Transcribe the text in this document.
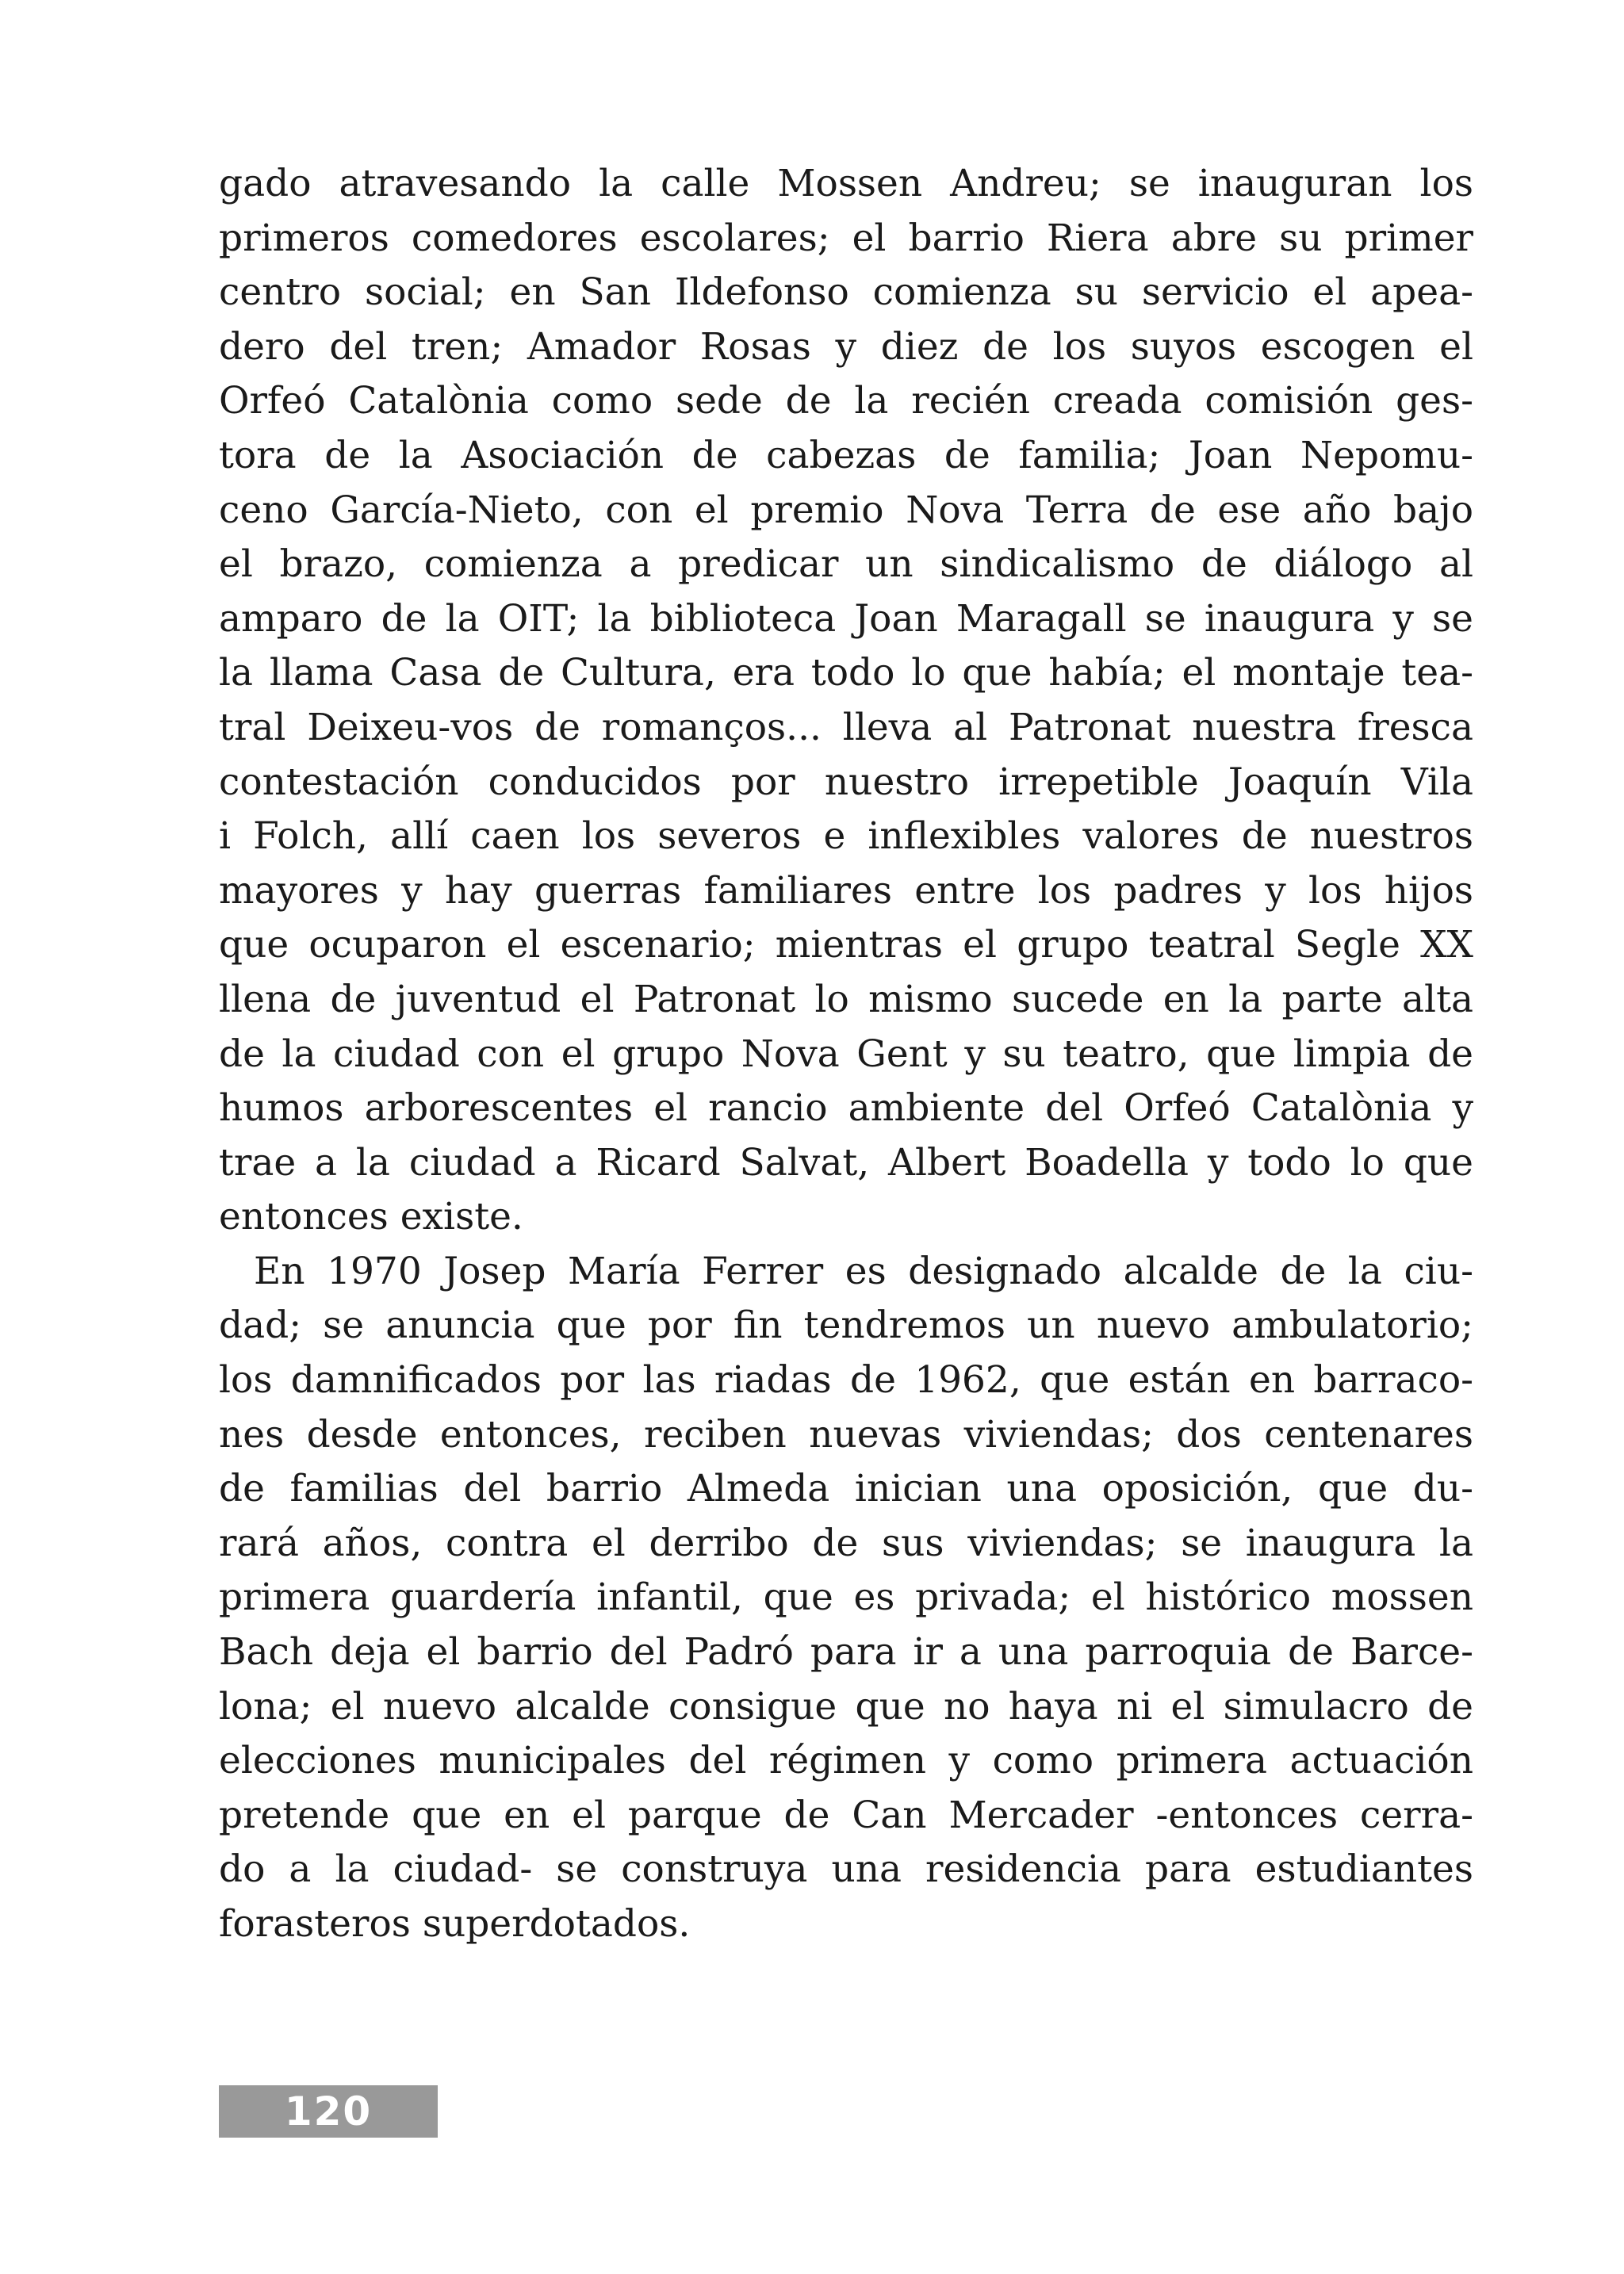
gado atravesando la calle Mossen Andreu; se inauguran los
primeros comedores escolares; el barrio Riera abre su primer
centro social; en San Ildefonso comienza su servicio el apea-
dero del tren; Amador Rosas y diez de los suyos escogen el
Orfeó Catalònia como sede de la recién creada comisión ges-
tora de la Asociación de cabezas de familia; Joan Nepomu-
ceno García-Nieto, con el premio Nova Terra de ese año bajo
el brazo, comienza a predicar un sindicalismo de diálogo al
amparo de la OIT; la biblioteca Joan Maragall se inaugura y se
la llama Casa de Cultura, era todo lo que había; el montaje tea-
tral Deixeu-vos de romanços... lleva al Patronat nuestra fresca
contestación conducidos por nuestro irrepetible Joaquín Vila
i Folch, allí caen los severos e inflexibles valores de nuestros
mayores y hay guerras familiares entre los padres y los hijos
que ocuparon el escenario; mientras el grupo teatral Segle XX
llena de juventud el Patronat lo mismo sucede en la parte alta
de la ciudad con el grupo Nova Gent y su teatro, que limpia de
humos arborescentes el rancio ambiente del Orfeó Catalònia y
trae a la ciudad a Ricard Salvat, Albert Boadella y todo lo que
entonces existe.
En 1970 Josep María Ferrer es designado alcalde de la ciu-
dad; se anuncia que por fin tendremos un nuevo ambulatorio;
los damnificados por las riadas de 1962, que están en barraco-
nes desde entonces, reciben nuevas viviendas; dos centenares
de familias del barrio Almeda inician una oposición, que du-
rará años, contra el derribo de sus viviendas; se inaugura la
primera guardería infantil, que es privada; el histórico mossen
Bach deja el barrio del Padró para ir a una parroquia de Barce-
lona; el nuevo alcalde consigue que no haya ni el simulacro de
elecciones municipales del régimen y como primera actuación
pretende que en el parque de Can Mercader -entonces cerra-
do a la ciudad- se construya una residencia para estudiantes
forasteros superdotados.
120
